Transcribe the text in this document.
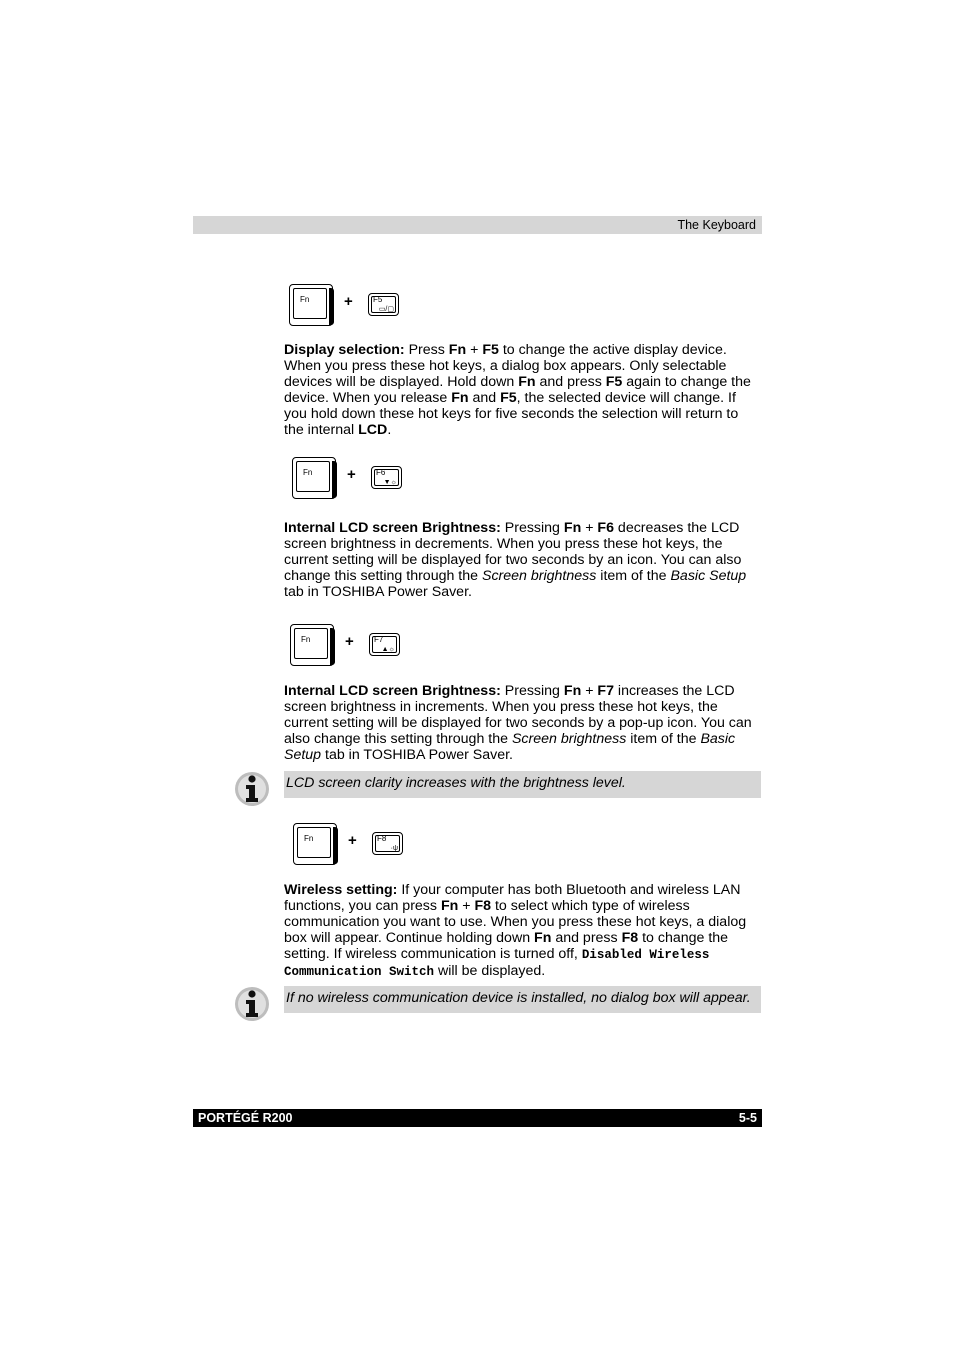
The Keyboard
Fn +	F5
▭/▢
Display selection: Press Fn + F5 to change the active display device. When you press these hot keys, a dialog box appears. Only selectable devices will be displayed. Hold down Fn and press F5 again to change the device. When you release Fn and F5, the selected device will change. If you hold down these hot keys for five seconds the selection will return to the internal LCD.
Fn +	F6
▼☼
Internal LCD screen Brightness: Pressing Fn + F6 decreases the LCD screen brightness in decrements. When you press these hot keys, the current setting will be displayed for two seconds by an icon. You can also change this setting through the Screen brightness item of the Basic Setup tab in TOSHIBA Power Saver.
Fn +	F7
▲☼
Internal LCD screen Brightness: Pressing Fn + F7 increases the LCD screen brightness in increments. When you press these hot keys, the current setting will be displayed for two seconds by a pop-up icon. You can also change this setting through the Screen brightness item of the Basic Setup tab in TOSHIBA Power Saver.
LCD screen clarity increases with the brightness level.
Fn +	F8
·ψ
Wireless setting: If your computer has both Bluetooth and wireless LAN functions, you can press Fn + F8 to select which type of wireless communication you want to use. When you press these hot keys, a dialog box will appear. Continue holding down Fn and press F8 to change the setting. If wireless communication is turned off, Disabled Wireless Communication Switch will be displayed.
If no wireless communication device is installed, no dialog box will appear.
PORTÉGÉ R200	5-5
